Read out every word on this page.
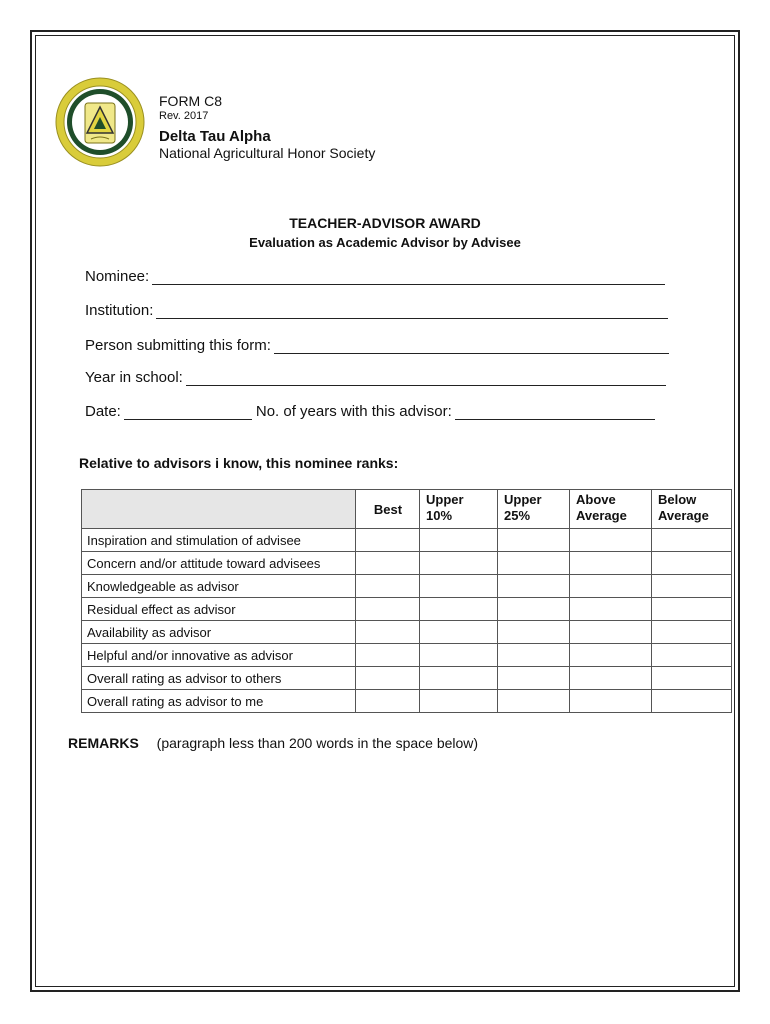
FORM C8
Rev. 2017
Delta Tau Alpha
National Agricultural Honor Society
TEACHER-ADVISOR AWARD
Evaluation as Academic Advisor by Advisee
Nominee:
Institution:
Person submitting this form:
Year in school:
Date:	No. of years with this advisor:
Relative to advisors i know, this nominee ranks:
	Best	Upper 10%	Upper 25%	Above Average	Below Average
Inspiration and stimulation of advisee					
Concern and/or attitude toward advisees					
Knowledgeable as advisor					
Residual effect as advisor					
Availability as advisor					
Helpful and/or innovative as advisor					
Overall rating as advisor to others					
Overall rating as advisor to me					
REMARKS (paragraph less than 200 words in the space below)
